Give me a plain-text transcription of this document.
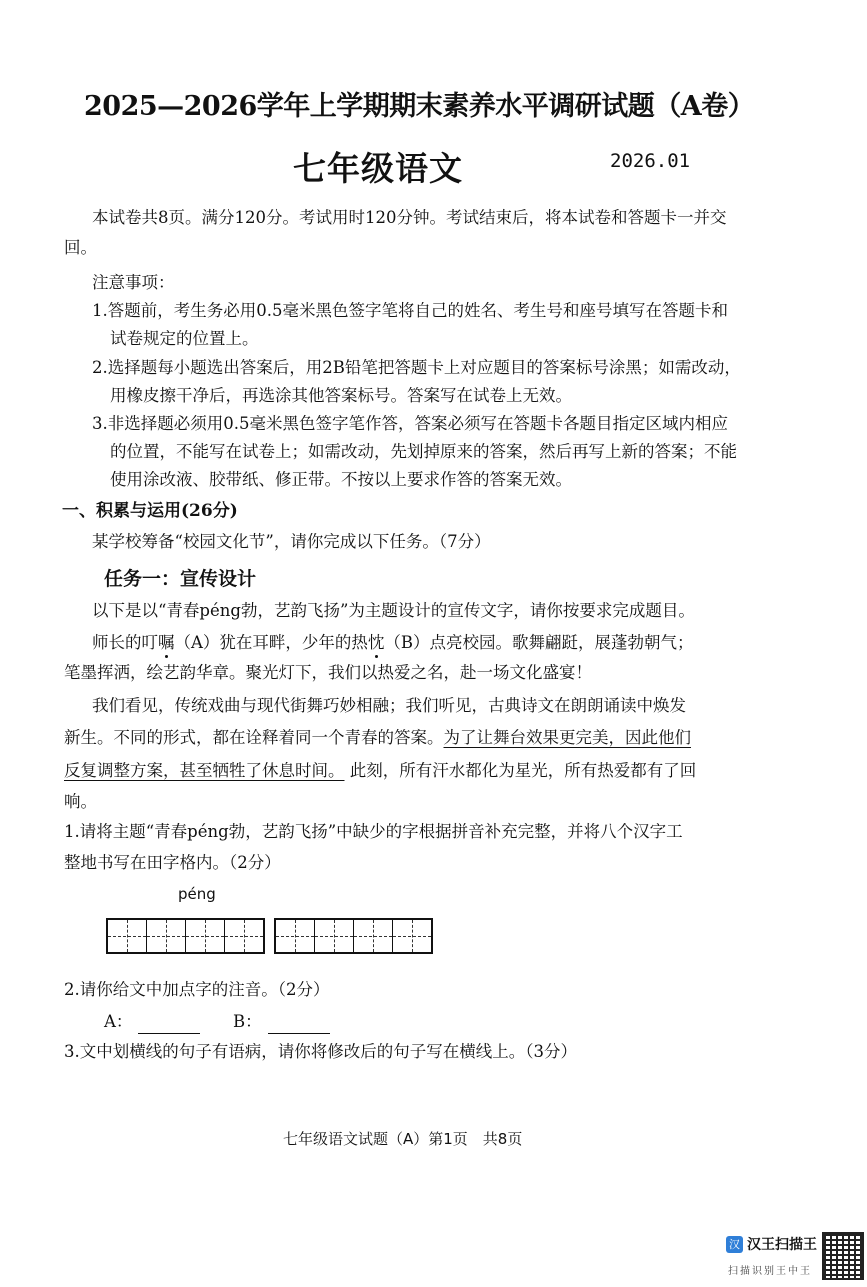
2025—2026学年上学期期末素养水平调研试题（A卷）
七年级语文	2026.01
本试卷共8页。满分120分。考试用时120分钟。考试结束后，将本试卷和答题卡一并交
回。
注意事项：
1.答题前，考生务必用0.5毫米黑色签字笔将自己的姓名、考生号和座号填写在答题卡和
试卷规定的位置上。
2.选择题每小题选出答案后，用2B铅笔把答题卡上对应题目的答案标号涂黑；如需改动，
用橡皮擦干净后，再选涂其他答案标号。答案写在试卷上无效。
3.非选择题必须用0.5毫米黑色签字笔作答，答案必须写在答题卡各题目指定区域内相应
的位置，不能写在试卷上；如需改动，先划掉原来的答案，然后再写上新的答案；不能
使用涂改液、胶带纸、修正带。不按以上要求作答的答案无效。
一、积累与运用(26分)
某学校筹备“校园文化节”，请你完成以下任务。（7分）
任务一：宣传设计
以下是以“青春péng勃，艺韵飞扬”为主题设计的宣传文字，请你按要求完成题目。
师长的叮嘱（A）犹在耳畔，少年的热忱（B）点亮校园。歌舞翩跹，展蓬勃朝气；
笔墨挥洒，绘艺韵华章。聚光灯下，我们以热爱之名，赴一场文化盛宴！
我们看见，传统戏曲与现代街舞巧妙相融；我们听见，古典诗文在朗朗诵读中焕发
新生。不同的形式，都在诠释着同一个青春的答案。为了让舞台效果更完美，因此他们
反复调整方案，甚至牺牲了休息时间。 此刻，所有汗水都化为星光，所有热爱都有了回
响。
1.请将主题“青春péng勃，艺韵飞扬”中缺少的字根据拼音补充完整，并将八个汉字工
整地书写在田字格内。（2分）
péng
2.请你给文中加点字的注音。（2分）
A：	B：
3.文中划横线的句子有语病，请你将修改后的句子写在横线上。（3分）
七年级语文试题（A）第1页　共8页
汉 汉王扫描王
扫描识别王中王
